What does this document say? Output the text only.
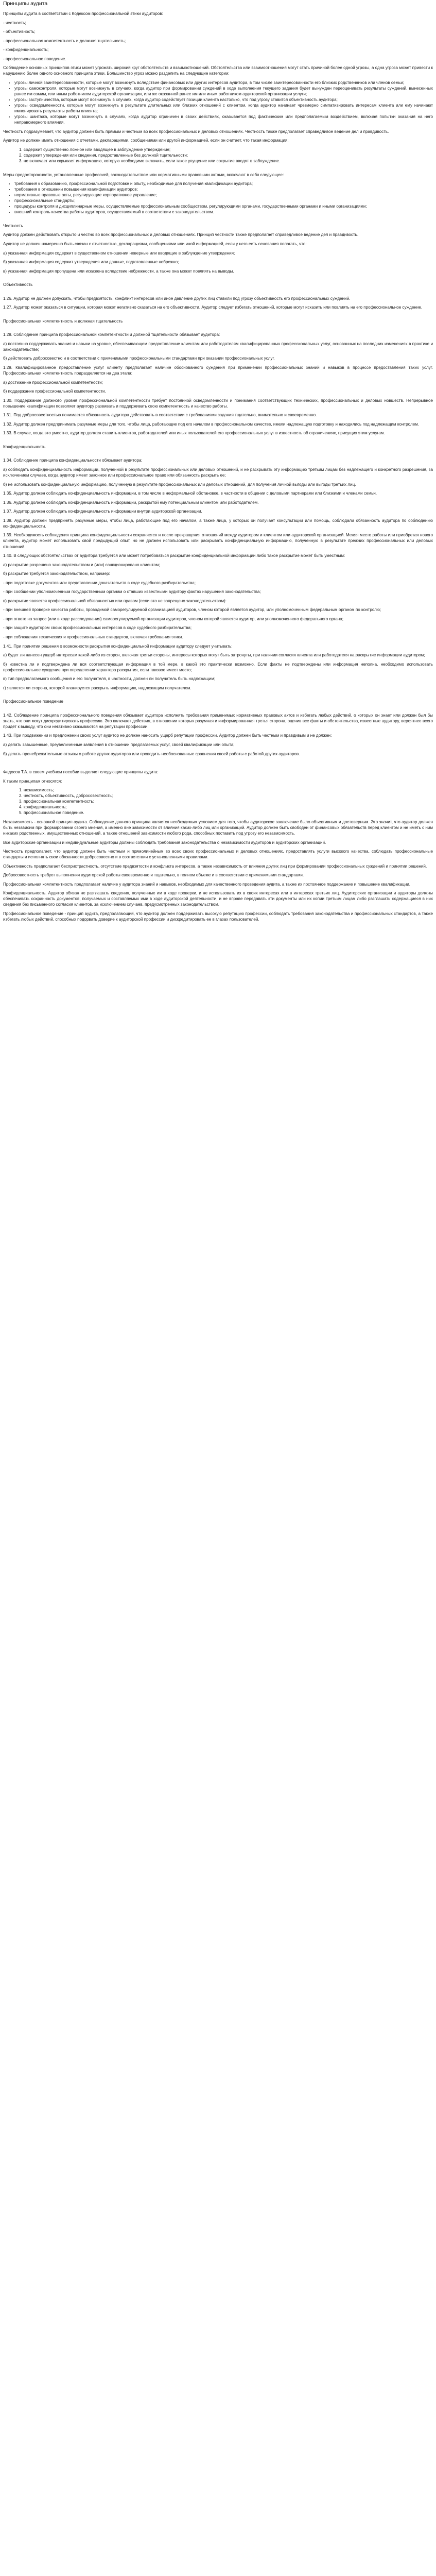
Принципы аудита

Принципы аудита в соответствии с Кодексом профессиональной этики аудиторов:

- честность;

- объективность;

- профессиональная компетентность и должная тщательность;

- конфиденциальность;

- профессиональное поведение.

Соблюдение основных принципов этики может угрожать широкий круг обстоятельств и взаимоотношений. Обстоятельства или взаимоотношения могут стать причиной более одной угрозы, а одна угроза может привести к нарушению более одного основного принципа этики. Большинство угроз можно разделить на следующие категории:

• угрозы личной заинтересованности, которые могут возникнуть вследствие финансовых или других интересов аудитора, в том числе заинтересованности его близких родственников или членов семьи;
• угрозы самоконтроля, которые могут возникнуть в случаях, когда аудитор при формировании суждений в ходе выполнения текущего задания будет вынужден переоценивать результаты суждений, вынесенных ранее им самим, или иным работником аудиторской организации, или же оказанной ранее им или иным работником аудиторской организации услуги;
• угрозы заступничества, которые могут возникнуть в случаях, когда аудитор содействует позиции клиента настолько, что под угрозу ставится объективность аудитора;
• угрозы осведомленности, которые могут возникнуть в результате длительных или близких отношений с клиентом, когда аудитор начинает чрезмерно симпатизировать интересам клиента или ему начинают импонировать результаты работы клиента;
• угрозы шантажа, которые могут возникнуть в случаях, когда аудитор ограничен в своих действиях, оказывается под фактическим или предполагаемым воздействием, включая попытки оказания на него неправомерного влияния.

Честность подразумевает, что аудитор должен быть прямым и честным во всех профессиональных и деловых отношениях. Честность также предполагает справедливое ведение дел и правдивость.

Аудитор не должен иметь отношения с отчетами, декларациями, сообщениями или другой информацией, если он считает, что такая информация:

1. содержит существенно ложное или вводящее в заблуждение утверждение;
2. содержит утверждения или сведения, предоставленные без должной тщательности;
3. не включает или скрывает информацию, которую необходимо включить, если такое упущение или сокрытие вводят в заблуждение.

Меры предосторожности, установленные профессией, законодательством или нормативными правовыми актами, включают в себя следующее:

• требования к образованию, профессиональной подготовке и опыту, необходимые для получения квалификации аудитора;
• требования в отношении повышения квалификации аудиторов;
• нормативные правовые акты, регулирующие корпоративное управление;
• профессиональные стандарты;
• процедуры контроля и дисциплинарные меры, осуществляемые профессиональным сообществом, регулирующими органами, государственными органами и иными организациями;
• внешний контроль качества работы аудиторов, осуществляемый в соответствии с законодательством.

Честность

Аудитор должен действовать открыто и честно во всех профессиональных и деловых отношениях. Принцип честности также предполагает справедливое ведение дел и правдивость.

Аудитор не должен намеренно быть связан с отчетностью, декларациями, сообщениями или иной информацией, если у него есть основания полагать, что:

а) указанная информация содержит в существенном отношении неверные или вводящие в заблуждение утверждения;

б) указанная информация содержит утверждения или данные, подготовленные небрежно;

в) указанная информация пропущена или искажена вследствие небрежности, а также она может повлиять на выводы.

Объективность

1.26. Аудитор не должен допускать, чтобы предвзятость, конфликт интересов или иное давление других лиц ставили под угрозу объективность его профессиональных суждений.

1.27. Аудитор может оказаться в ситуации, которая может негативно сказаться на его объективности. Аудитор следует избегать отношений, которые могут исказить или повлиять на его профессиональное суждение.

Профессиональная компетентность и должная тщательность

1.28. Соблюдение принципа профессиональной компетентности и должной тщательности обязывает аудитора:

а) постоянно поддерживать знания и навыки на уровне, обеспечивающем предоставление клиентам или работодателям квалифицированных профессиональных услуг, основанных на последних изменениях в практике и законодательстве;

б) действовать добросовестно и в соответствии с применимыми профессиональными стандартами при оказании профессиональных услуг.

1.29. Квалифицированное предоставление услуг клиенту предполагает наличие обоснованного суждения при применении профессиональных знаний и навыков в процессе предоставления таких услуг. Профессиональная компетентность подразделяется на два этапа:

а) достижение профессиональной компетентности;

б) поддержание профессиональной компетентности.

1.30. Поддержание должного уровня профессиональной компетентности требует постоянной осведомленности и понимания соответствующих технических, профессиональных и деловых новшеств. Непрерывное повышение квалификации позволяет аудитору развивать и поддерживать свою компетентность и качество работы.

1.31. Под добросовестностью понимается обязанность аудитора действовать в соответствии с требованиями задания тщательно, внимательно и своевременно.

1.32. Аудитор должен предпринимать разумные меры для того, чтобы лица, работающие под его началом в профессиональном качестве, имели надлежащую подготовку и находились под надлежащим контролем.

1.33. В случае, когда это уместно, аудитор должен ставить клиентов, работодателей или иных пользователей его профессиональных услуг в известность об ограничениях, присущих этим услугам.

Конфиденциальность

1.34. Соблюдение принципа конфиденциальности обязывает аудитора:

а) соблюдать конфиденциальность информации, полученной в результате профессиональных или деловых отношений, и не раскрывать эту информацию третьим лицам без надлежащего и конкретного разрешения, за исключением случаев, когда аудитор имеет законное или профессиональное право или обязанность раскрыть ее;

б) не использовать конфиденциальную информацию, полученную в результате профессиональных или деловых отношений, для получения личной выгоды или выгоды третьих лиц.

1.35. Аудитор должен соблюдать конфиденциальность информации, в том числе в неформальной обстановке, в частности в общении с деловыми партнерами или близкими и членами семьи.

1.36. Аудитор должен соблюдать конфиденциальность информации, раскрытой ему потенциальным клиентом или работодателем.

1.37. Аудитор должен соблюдать конфиденциальность информации внутри аудиторской организации.

1.38. Аудитор должен предпринять разумные меры, чтобы лица, работающие под его началом, а также лица, у которых он получает консультации или помощь, соблюдали обязанность аудитора по соблюдению конфиденциальности.

1.39. Необходимость соблюдения принципа конфиденциальности сохраняется и после прекращения отношений между аудитором и клиентом или аудиторской организацией. Меняя место работы или приобретая нового клиента, аудитор может использовать свой предыдущий опыт, но не должен использовать или раскрывать конфиденциальную информацию, полученную в результате прежних профессиональных или деловых отношений.

1.40. В следующих обстоятельствах от аудитора требуется или может потребоваться раскрытие конфиденциальной информации либо такое раскрытие может быть уместным:

а) раскрытие разрешено законодательством и (или) санкционировано клиентом;

б) раскрытие требуется законодательством, например:

- при подготовке документов или представлении доказательств в ходе судебного разбирательства;

- при сообщении уполномоченным государственным органам о ставших известными аудитору фактах нарушения законодательства;

в) раскрытие является профессиональной обязанностью или правом (если это не запрещено законодательством):

- при внешней проверке качества работы, проводимой саморегулируемой организацией аудиторов, членом которой является аудитор, или уполномоченным федеральным органом по контролю;

- при ответе на запрос (или в ходе расследования) саморегулируемой организации аудиторов, членом которой является аудитор, или уполномоченного федерального органа;

- при защите аудитором своих профессиональных интересов в ходе судебного разбирательства;

- при соблюдении технических и профессиональных стандартов, включая требования этики.

1.41. При принятии решения о возможности раскрытия конфиденциальной информации аудитору следует учитывать:

а) будет ли нанесен ущерб интересам какой-либо из сторон, включая третьи стороны, интересы которых могут быть затронуты, при наличии согласия клиента или работодателя на раскрытие информации аудитором;

б) известна ли и подтверждена ли вся соответствующая информация в той мере, в какой это практически возможно. Если факты не подтверждены или информация неполна, необходимо использовать профессиональное суждение при определении характера раскрытия, если таковое имеет место;

в) тип предполагаемого сообщения и его получателя, в частности, должен ли получатель быть надлежащим;

г) является ли сторона, которой планируется раскрыть информацию, надлежащим получателем.

Профессиональное поведение

1.42. Соблюдение принципа профессионального поведения обязывает аудитора исполнять требования применимых нормативных правовых актов и избегать любых действий, о которых он знает или должен был бы знать, что они могут дискредитировать профессию. Это включает действия, в отношении которых разумная и информированная третья сторона, оценив все факты и обстоятельства, известные аудитору, вероятнее всего придет к выводу, что они негативно сказываются на репутации профессии.

1.43. При продвижении и предложении своих услуг аудитор не должен наносить ущерб репутации профессии. Аудитор должен быть честным и правдивым и не должен:

а) делать завышенные, преувеличенные заявления в отношении предлагаемых услуг, своей квалификации или опыта;

б) делать пренебрежительные отзывы о работе других аудиторов или проводить необоснованные сравнения своей работы с работой других аудиторов.

Федосов Т.А. в своем учебном пособии выделяет следующие принципы аудита:

К таким принципам относятся:

1. независимость;
2. честность, объективность, добросовестность;
3. профессиональная компетентность;
4. конфиденциальность;
5. профессиональное поведение.

Независимость - основной принцип аудита. Соблюдение данного принципа является необходимым условием для того, чтобы аудиторское заключение было объективным и достоверным. Это значит, что аудитор должен быть независим при формировании своего мнения, а именно вне зависимости от влияния каких-либо лиц или организаций. Аудитор должен быть свободен от финансовых обязательств перед клиентом и не иметь с ним никаких родственных, имущественных отношений, а также отношений зависимости любого рода, способных поставить под угрозу его независимость.

Все аудиторские организации и индивидуальные аудиторы должны соблюдать требования законодательства о независимости аудиторов и аудиторских организаций.

Честность предполагает, что аудитор должен быть честным и прямолинейным во всех своих профессиональных и деловых отношениях, предоставлять услуги высокого качества, соблюдать профессиональные стандарты и исполнять свои обязанности добросовестно и в соответствии с установленными правилами.

Объективность предполагает беспристрастность, отсутствие предвзятости и конфликта интересов, а также независимость от влияния других лиц при формировании профессиональных суждений и принятии решений.

Добросовестность требует выполнения аудиторской работы своевременно и тщательно, в полном объеме и в соответствии с применимыми стандартами.

Профессиональная компетентность предполагает наличие у аудитора знаний и навыков, необходимых для качественного проведения аудита, а также их постоянное поддержание и повышение квалификации.

Конфиденциальность. Аудитор обязан не разглашать сведения, полученные им в ходе проверки, и не использовать их в своих интересах или в интересах третьих лиц. Аудиторские организации и аудиторы должны обеспечивать сохранность документов, получаемых и составляемых ими в ходе аудиторской деятельности, и не вправе передавать эти документы или их копии третьим лицам либо разглашать содержащиеся в них сведения без письменного согласия клиентов, за исключением случаев, предусмотренных законодательством.

Профессиональное поведение - принцип аудита, предполагающий, что аудитор должен поддерживать высокую репутацию профессии, соблюдать требования законодательства и профессиональных стандартов, а также избегать любых действий, способных подорвать доверие к аудиторской профессии и дискредитировать ее в глазах пользователей.
